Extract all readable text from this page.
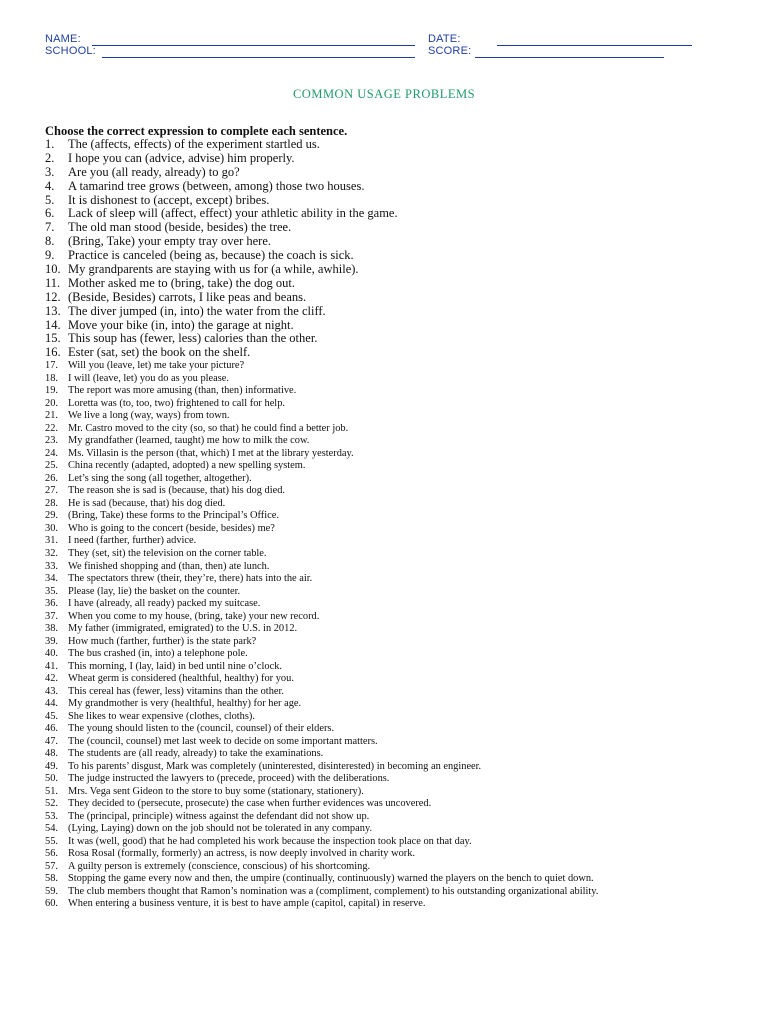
NAME:
SCHOOL:
DATE:
SCORE:
COMMON USAGE PROBLEMS
Choose the correct expression to complete each sentence.
1.	The (affects, effects) of the experiment startled us.
2.	I hope you can (advice, advise) him properly.
3.	Are you (all ready, already) to go?
4.	A tamarind tree grows (between, among) those two houses.
5.	It is dishonest to (accept, except) bribes.
6.	Lack of sleep will (affect, effect) your athletic ability in the game.
7.	The old man stood (beside, besides) the tree.
8.	(Bring, Take) your empty tray over here.
9.	Practice is canceled (being as, because) the coach is sick.
10. My grandparents are staying with us for (a while, awhile).
11. Mother asked me to (bring, take) the dog out.
12. (Beside, Besides) carrots, I like peas and beans.
13. The diver jumped (in, into) the water from the cliff.
14. Move your bike (in, into) the garage at night.
15. This soup has (fewer, less) calories than the other.
16. Ester (sat, set) the book on the shelf.
17. Will you (leave, let) me take your picture?
18. I will (leave, let) you do as you please.
19. The report was more amusing (than, then) informative.
20. Loretta was (to, too, two) frightened to call for help.
21. We live a long (way, ways) from town.
22. Mr. Castro moved to the city (so, so that) he could find a better job.
23. My grandfather (learned, taught) me how to milk the cow.
24. Ms. Villasin is the person (that, which) I met at the library yesterday.
25. China recently (adapted, adopted) a new spelling system.
26. Let’s sing the song (all together, altogether).
27. The reason she is sad is (because, that) his dog died.
28. He is sad (because, that) his dog died.
29. (Bring, Take) these forms to the Principal’s Office.
30. Who is going to the concert (beside, besides) me?
31. I need (farther, further) advice.
32. They (set, sit) the television on the corner table.
33. We finished shopping and (than, then) ate lunch.
34. The spectators threw (their, they’re, there) hats into the air.
35. Please (lay, lie) the basket on the counter.
36. I have (already, all ready) packed my suitcase.
37. When you come to my house, (bring, take) your new record.
38. My father (immigrated, emigrated) to the U.S. in 2012.
39. How much (farther, further) is the state park?
40. The bus crashed (in, into) a telephone pole.
41. This morning, I (lay, laid) in bed until nine o’clock.
42. Wheat germ is considered (healthful, healthy) for you.
43. This cereal has (fewer, less) vitamins than the other.
44. My grandmother is very (healthful, healthy) for her age.
45. She likes to wear expensive (clothes, cloths).
46. The young should listen to the (council, counsel) of their elders.
47. The (council, counsel) met last week to decide on some important matters.
48. The students are (all ready, already) to take the examinations.
49. To his parents’ disgust, Mark was completely (uninterested, disinterested) in becoming an engineer.
50. The judge instructed the lawyers to (precede, proceed) with the deliberations.
51. Mrs. Vega sent Gideon to the store to buy some (stationary, stationery).
52. They decided to (persecute, prosecute) the case when further evidences was uncovered.
53. The (principal, principle) witness against the defendant did not show up.
54. (Lying, Laying) down on the job should not be tolerated in any company.
55. It was (well, good) that he had completed his work because the inspection took place on that day.
56. Rosa Rosal (formally, formerly) an actress, is now deeply involved in charity work.
57. A guilty person is extremely (conscience, conscious) of his shortcoming.
58. Stopping the game every now and then, the umpire (continually, continuously) warned the players on the bench to quiet down.
59. The club members thought that Ramon’s nomination was a (compliment, complement) to his outstanding organizational ability.
60. When entering a business venture, it is best to have ample (capitol, capital) in reserve.
